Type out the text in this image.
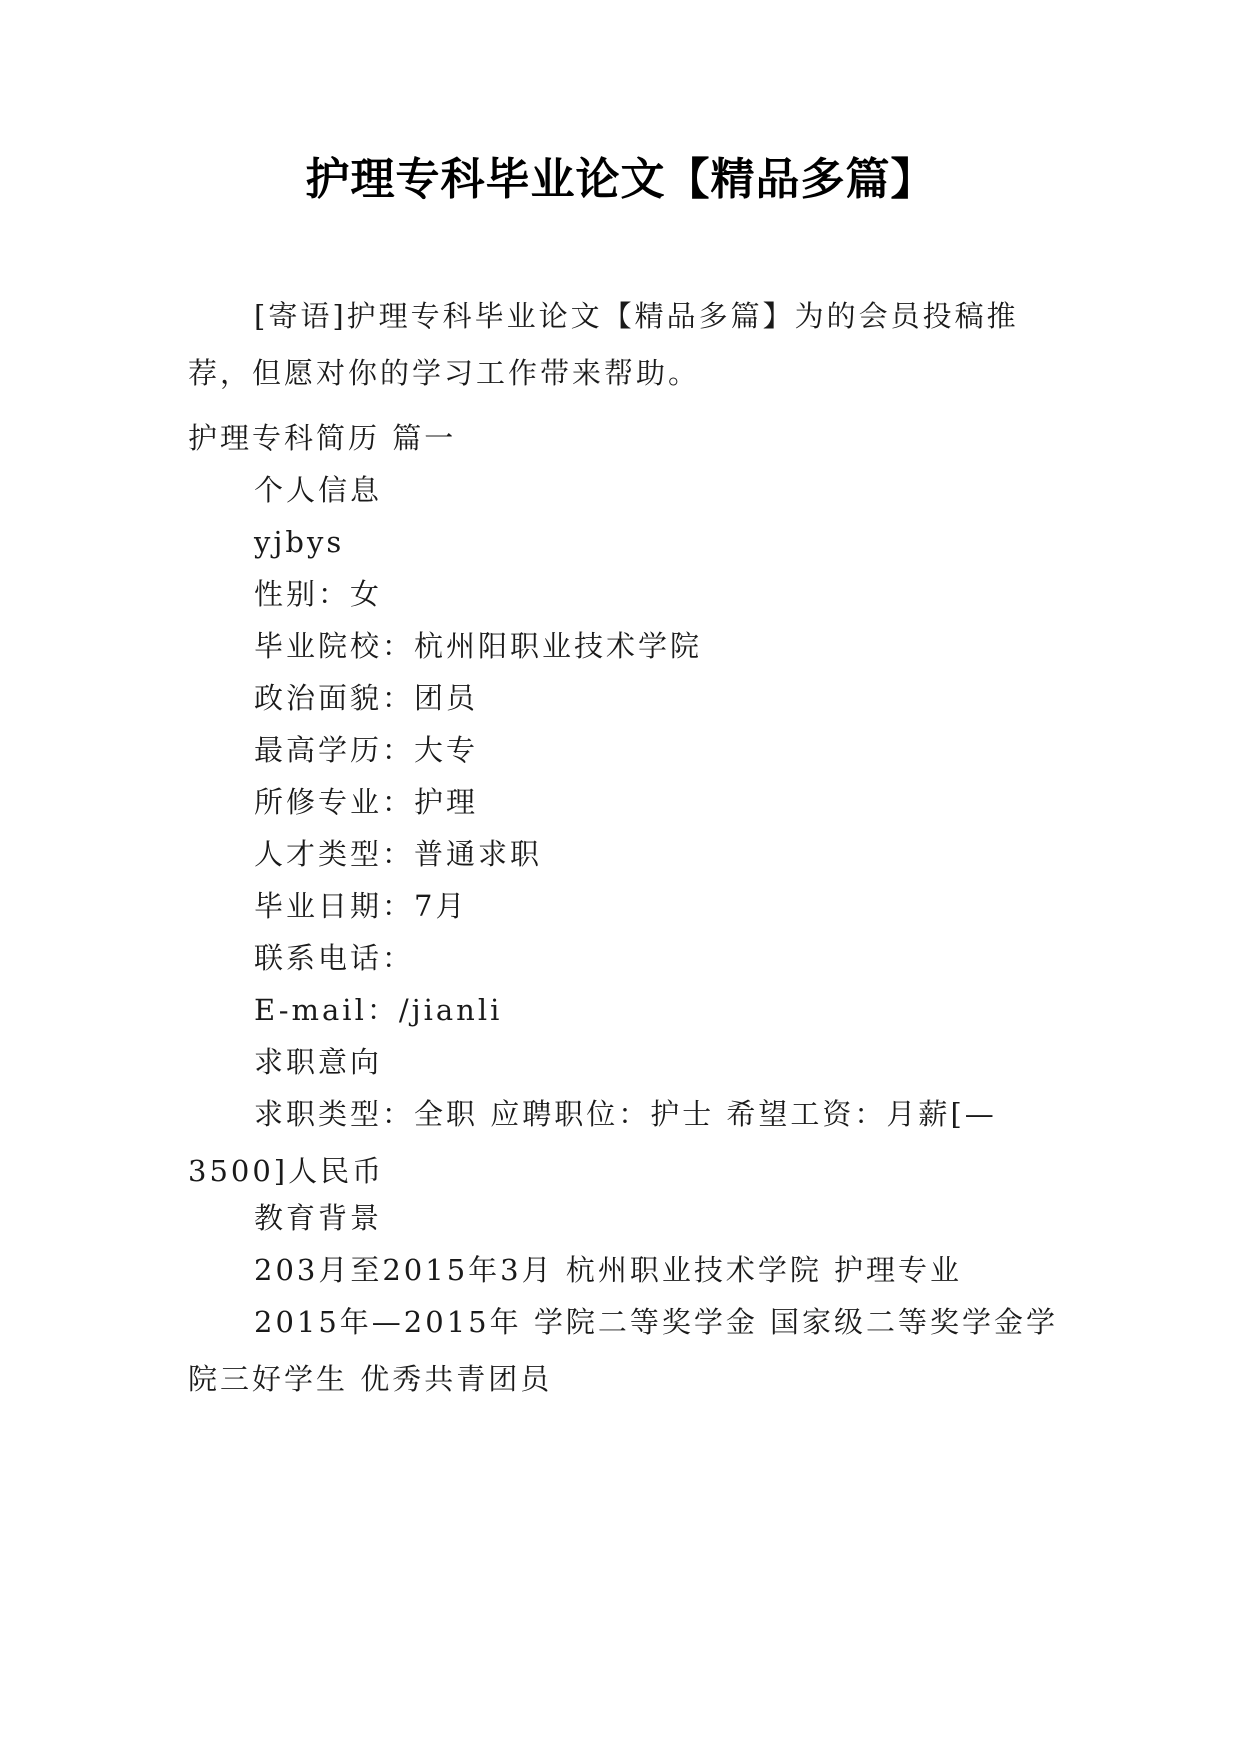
护理专科毕业论文【精品多篇】

[寄语]护理专科毕业论文【精品多篇】为的会员投稿推荐，但愿对你的学习工作带来帮助。

护理专科简历 篇一
个人信息
yjbys
性别：女
毕业院校：杭州阳职业技术学院
政治面貌：团员
最高学历：大专
所修专业：护理
人才类型：普通求职
毕业日期：7月
联系电话：
E-mail：/jianli
求职意向

求职类型：全职 应聘职位：护士 希望工资：月薪[—3500]人民币

教育背景
203月至2015年3月 杭州职业技术学院 护理专业

2015年—2015年 学院二等奖学金 国家级二等奖学金学院三好学生 优秀共青团员
